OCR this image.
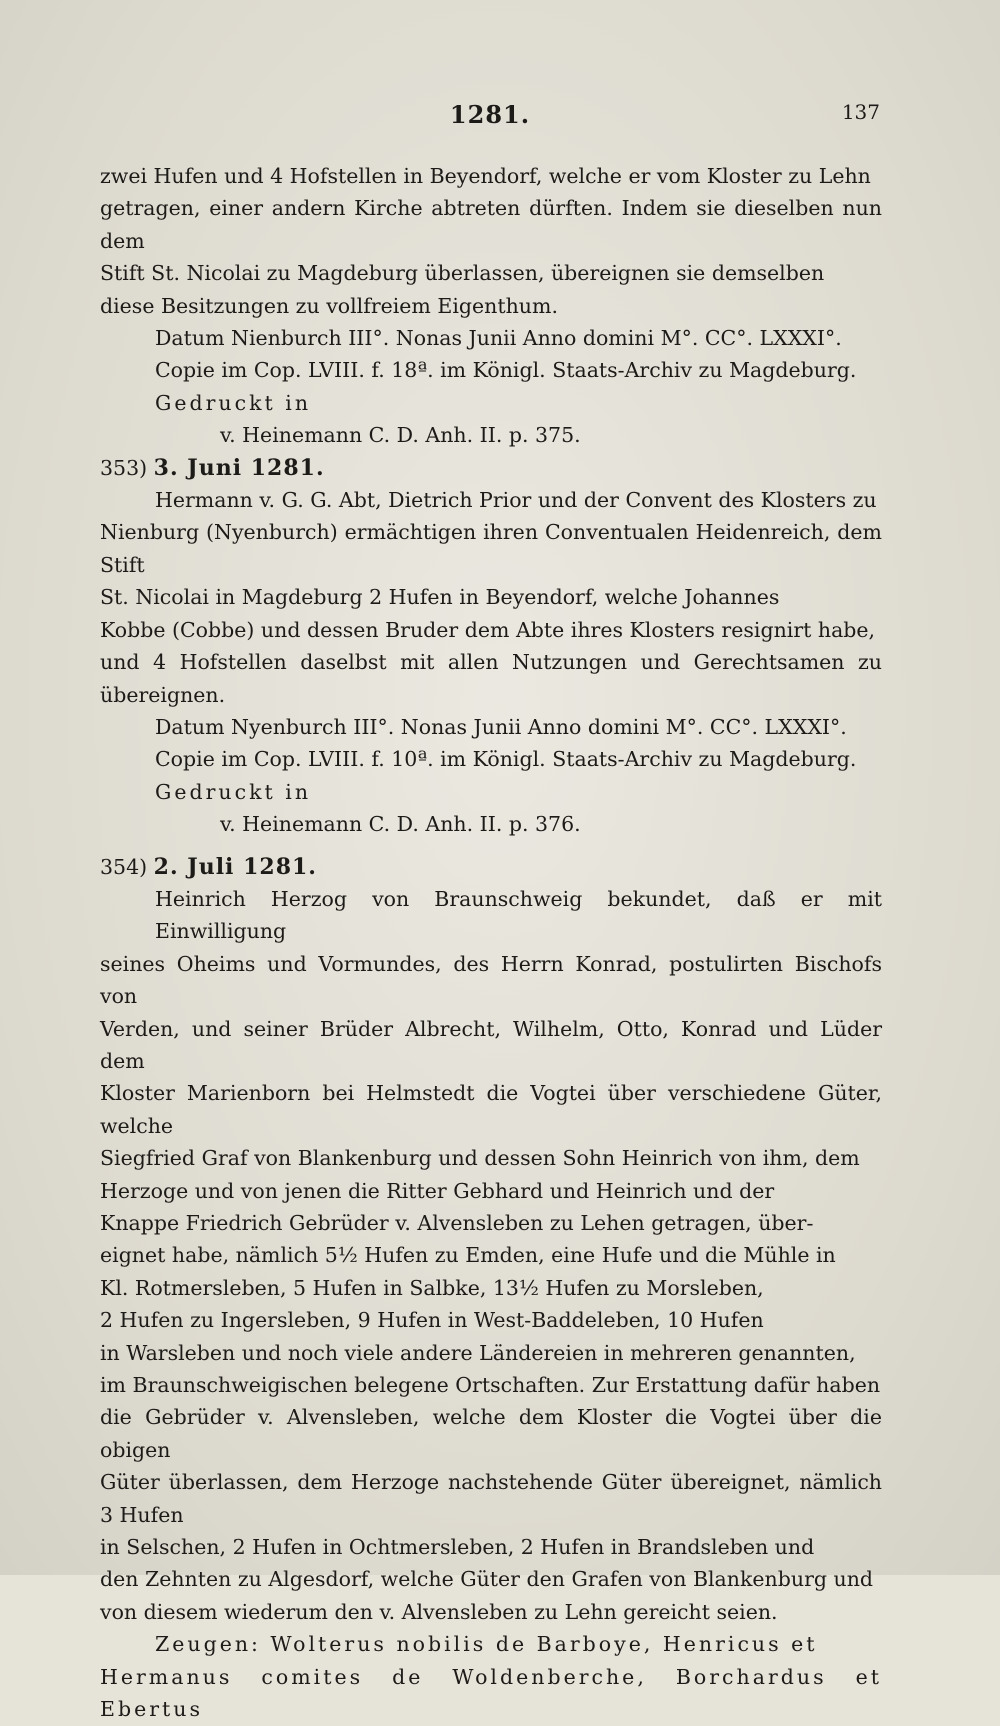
1281.	137

zwei Hufen und 4 Hofstellen in Beyendorf, welche er vom Kloster zu Lehn
getragen, einer andern Kirche abtreten dürften. Indem sie dieselben nun dem
Stift St. Nicolai zu Magdeburg überlassen, übereignen sie demselben
diese Besitzungen zu vollfreiem Eigenthum.

Datum Nienburch III°. Nonas Junii Anno domini M°. CC°. LXXXI°.
Copie im Cop. LVIII. f. 18ª. im Königl. Staats-Archiv zu Magdeburg.
Gedruckt in
v. Heinemann C. D. Anh. II. p. 375.

353) 3. Juni 1281.

Hermann v. G. G. Abt, Dietrich Prior und der Convent des Klosters zu
Nienburg (Nyenburch) ermächtigen ihren Conventualen Heidenreich, dem Stift
St. Nicolai in Magdeburg 2 Hufen in Beyendorf, welche Johannes
Kobbe (Cobbe) und dessen Bruder dem Abte ihres Klosters resignirt habe,
und 4 Hofstellen daselbst mit allen Nutzungen und Gerechtsamen zu übereignen.

Datum Nyenburch III°. Nonas Junii Anno domini M°. CC°. LXXXI°.
Copie im Cop. LVIII. f. 10ª. im Königl. Staats-Archiv zu Magdeburg.
Gedruckt in
v. Heinemann C. D. Anh. II. p. 376.

354) 2. Juli 1281.

Heinrich Herzog von Braunschweig bekundet, daß er mit Einwilligung
seines Oheims und Vormundes, des Herrn Konrad, postulirten Bischofs von
Verden, und seiner Brüder Albrecht, Wilhelm, Otto, Konrad und Lüder dem
Kloster Marienborn bei Helmstedt die Vogtei über verschiedene Güter, welche
Siegfried Graf von Blankenburg und dessen Sohn Heinrich von ihm, dem
Herzoge und von jenen die Ritter Gebhard und Heinrich und der
Knappe Friedrich Gebrüder v. Alvensleben zu Lehen getragen, über-
eignet habe, nämlich 5½ Hufen zu Emden, eine Hufe und die Mühle in
Kl. Rotmersleben, 5 Hufen in Salbke, 13½ Hufen zu Morsleben,
2 Hufen zu Ingersleben, 9 Hufen in West-Baddeleben, 10 Hufen
in Warsleben und noch viele andere Ländereien in mehreren genannten,
im Braunschweigischen belegene Ortschaften. Zur Erstattung dafür haben
die Gebrüder v. Alvensleben, welche dem Kloster die Vogtei über die obigen
Güter überlassen, dem Herzoge nachstehende Güter übereignet, nämlich 3 Hufen
in Selschen, 2 Hufen in Ochtmersleben, 2 Hufen in Brandsleben und
den Zehnten zu Algesdorf, welche Güter den Grafen von Blankenburg und
von diesem wiederum den v. Alvensleben zu Lehn gereicht seien.

Zeugen: Wolterus nobilis de Barboye, Henricus et
Hermanus comites de Woldenberche, Borchardus et Ebertus
